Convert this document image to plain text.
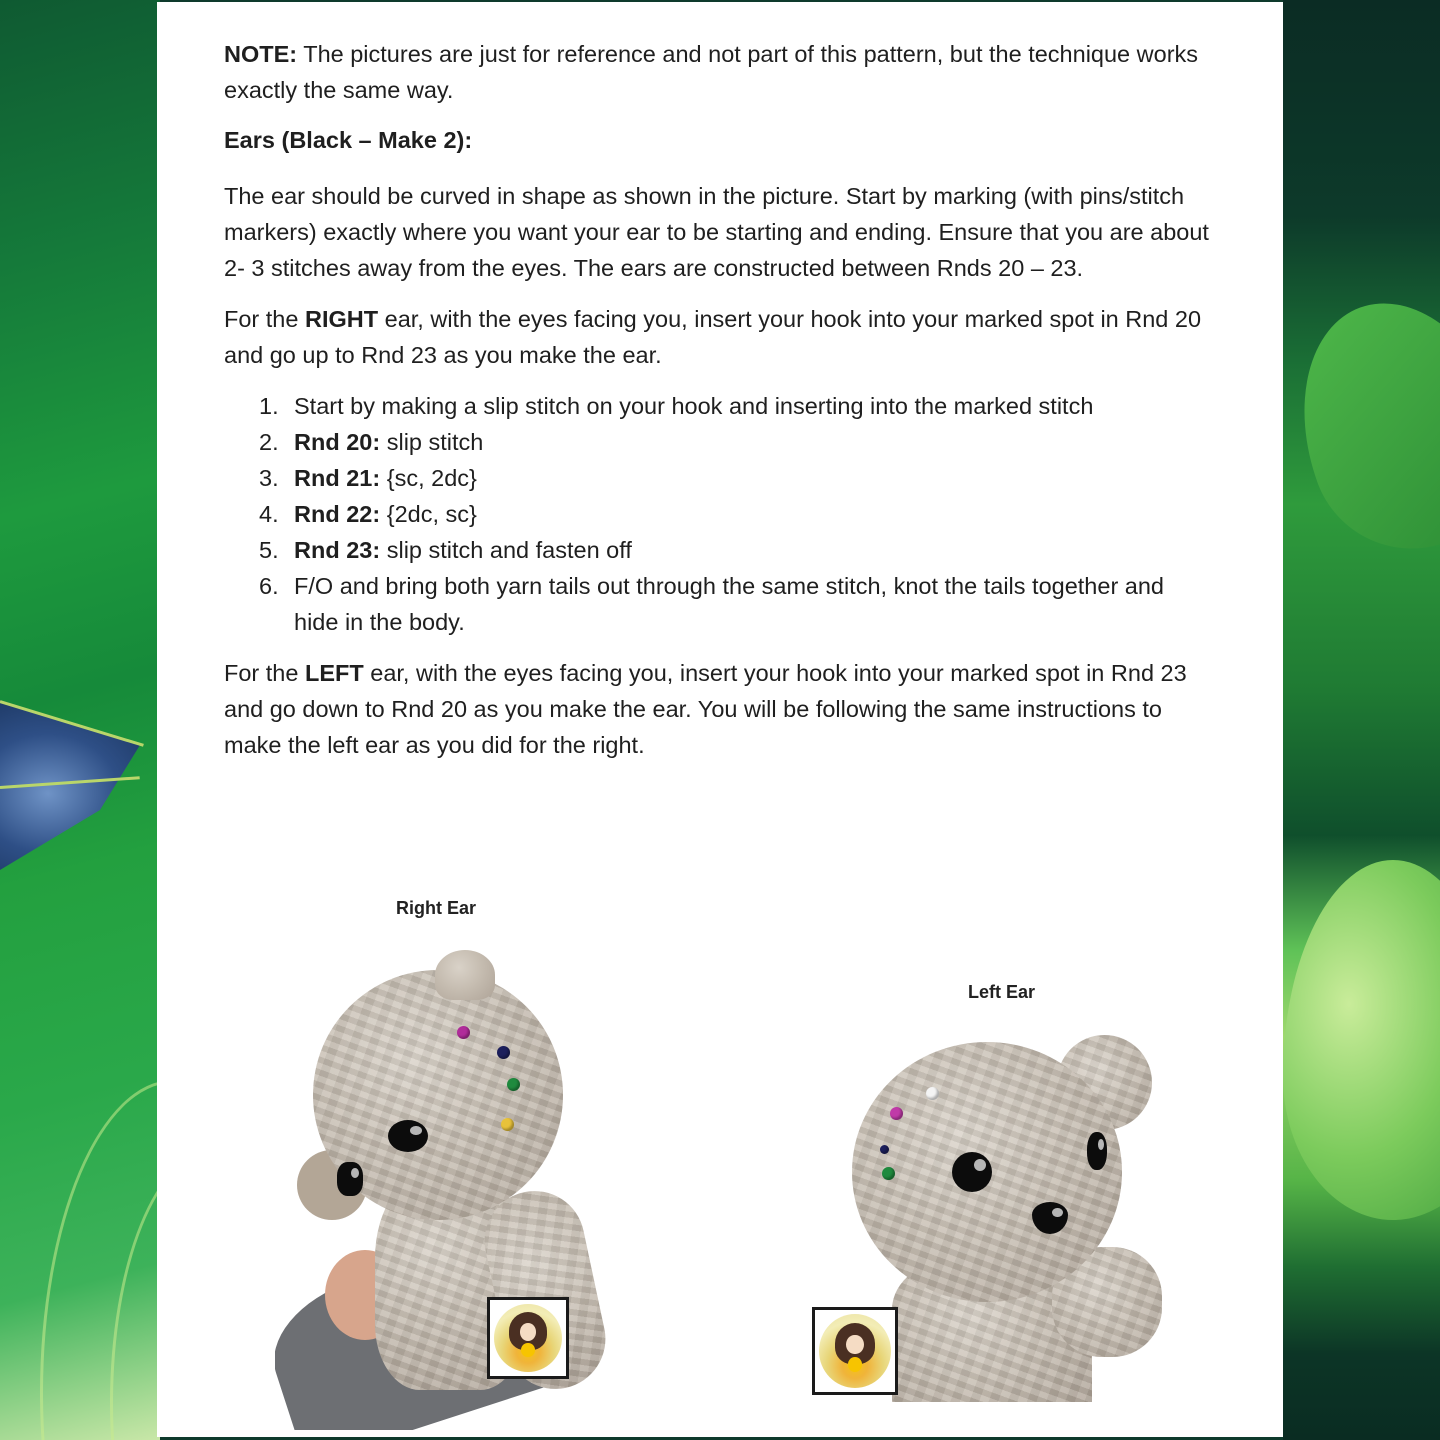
NOTE: The pictures are just for reference and not part of this pattern, but the technique works exactly the same way.

Ears (Black – Make 2):

The ear should be curved in shape as shown in the picture. Start by marking (with pins/stitch markers) exactly where you want your ear to be starting and ending. Ensure that you are about 2- 3 stitches away from the eyes. The ears are constructed between Rnds 20 – 23.

For the RIGHT ear, with the eyes facing you, insert your hook into your marked spot in Rnd 20 and go up to Rnd 23 as you make the ear.

1. Start by making a slip stitch on your hook and inserting into the marked stitch
2. Rnd 20: slip stitch
3. Rnd 21: {sc, 2dc}
4. Rnd 22: {2dc, sc}
5. Rnd 23: slip stitch and fasten off
6. F/O and bring both yarn tails out through the same stitch, knot the tails together and hide in the body.

For the LEFT ear, with the eyes facing you, insert your hook into your marked spot in Rnd 23 and go down to Rnd 20 as you make the ear. You will be following the same instructions to make the left ear as you did for the right.

Right Ear
Left Ear
